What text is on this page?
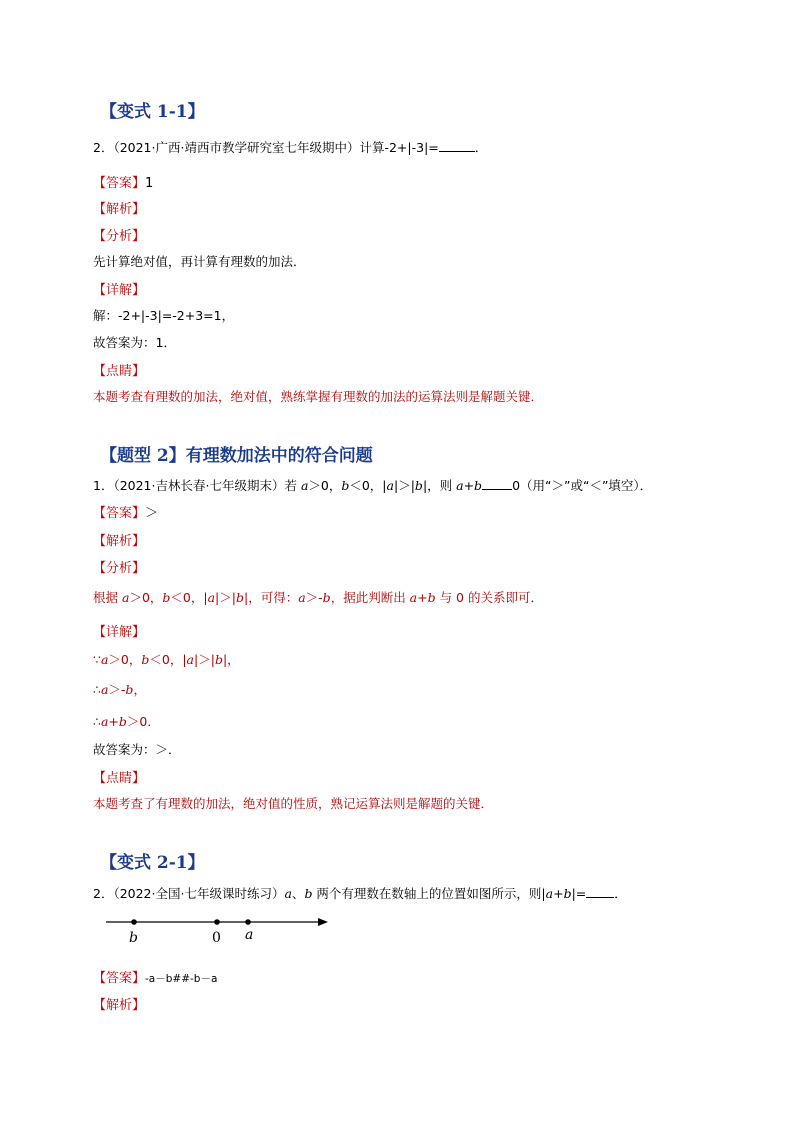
【变式 1-1】
2．（2021·广西·靖西市教学研究室七年级期中）计算-2+|-3|=	．
【答案】1
【解析】
【分析】
先计算绝对值，再计算有理数的加法．
【详解】
解：-2+|-3|=-2+3=1，
故答案为：1．
【点睛】
本题考查有理数的加法，绝对值，熟练掌握有理数的加法的运算法则是解题关键．
【题型 2】有理数加法中的符合问题
1．（2021·吉林长春·七年级期末）若 a＞0，b＜0，|a|＞|b|，则 a+b 0（用“＞”或“＜”填空）．
【答案】＞
【解析】
【分析】
根据 a＞0，b＜0，|a|＞|b|，可得：a＞-b，据此判断出 a+b 与 0 的关系即可．
【详解】
∵a＞0，b＜0，|a|＞|b|，
∴a＞-b，
∴a+b＞0．
故答案为：＞．
【点睛】
本题考查了有理数的加法，绝对值的性质，熟记运算法则是解题的关键．
【变式 2-1】
2．（2022·全国·七年级课时练习）a、b 两个有理数在数轴上的位置如图所示，则|a+b|= ．
b	0 a
【答案】-a－b##-b－a
【解析】
